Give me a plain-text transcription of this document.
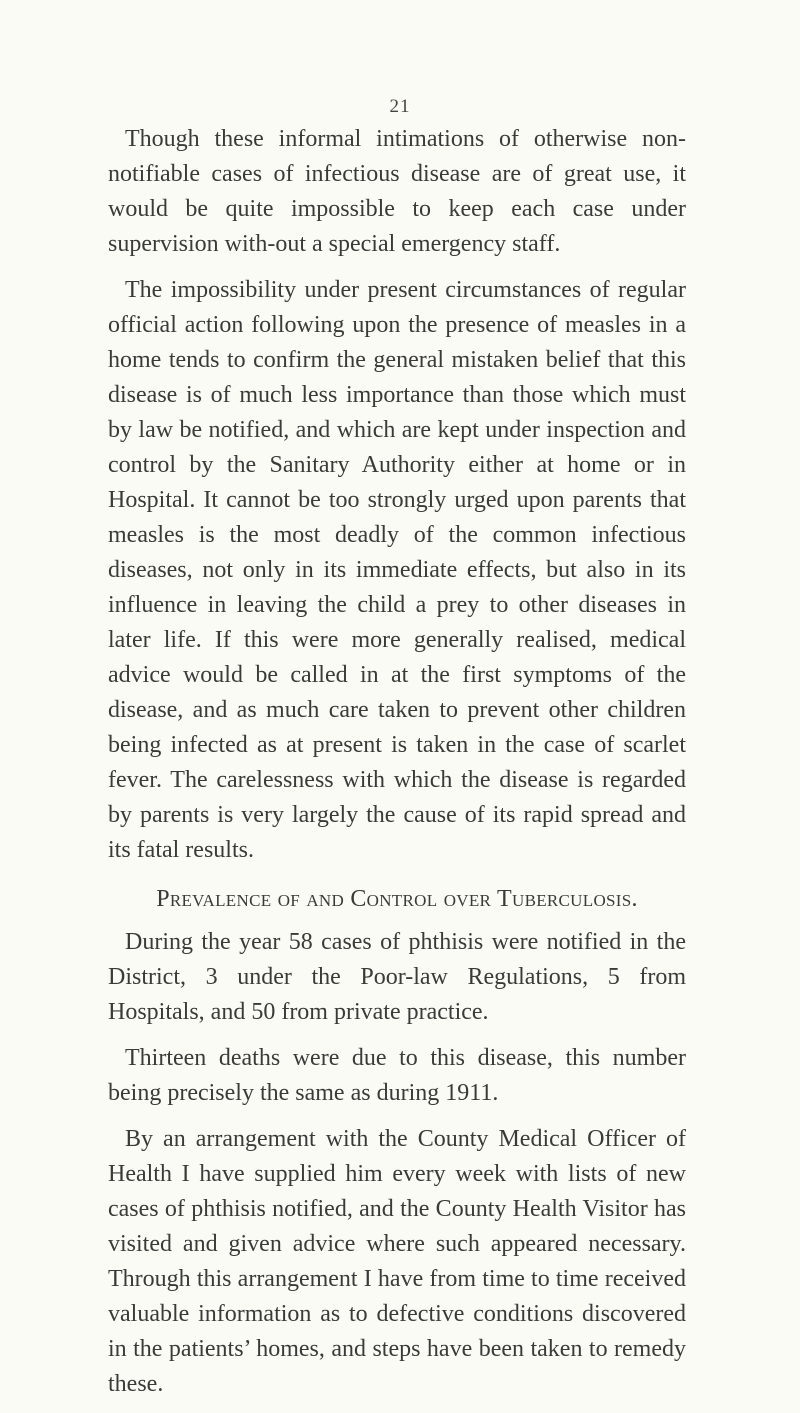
21

Though these informal intimations of otherwise non-notifiable cases of infectious disease are of great use, it would be quite impossible to keep each case under supervision with-out a special emergency staff.

The impossibility under present circumstances of regular official action following upon the presence of measles in a home tends to confirm the general mistaken belief that this disease is of much less importance than those which must by law be notified, and which are kept under inspection and control by the Sanitary Authority either at home or in Hospital. It cannot be too strongly urged upon parents that measles is the most deadly of the common infectious diseases, not only in its immediate effects, but also in its influence in leaving the child a prey to other diseases in later life. If this were more generally realised, medical advice would be called in at the first symptoms of the disease, and as much care taken to prevent other children being infected as at present is taken in the case of scarlet fever. The carelessness with which the disease is regarded by parents is very largely the cause of its rapid spread and its fatal results.

Prevalence of and Control over Tuberculosis.

During the year 58 cases of phthisis were notified in the District, 3 under the Poor-law Regulations, 5 from Hospitals, and 50 from private practice.

Thirteen deaths were due to this disease, this number being precisely the same as during 1911.

By an arrangement with the County Medical Officer of Health I have supplied him every week with lists of new cases of phthisis notified, and the County Health Visitor has visited and given advice where such appeared necessary. Through this arrangement I have from time to time received valuable information as to defective conditions discovered in the patients’ homes, and steps have been taken to remedy these.
